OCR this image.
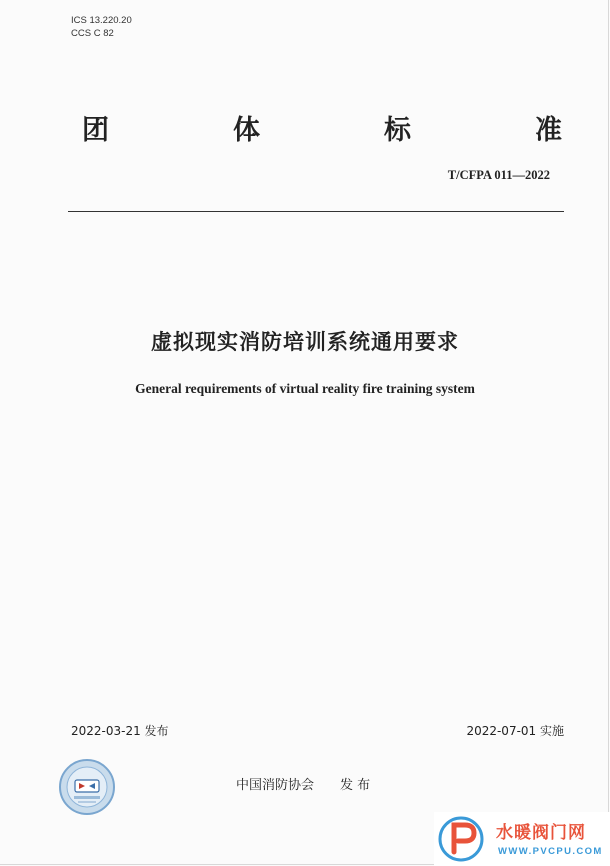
ICS 13.220.20
CCS C 82
团	体	标	准
T/CFPA 011—2022
虚拟现实消防培训系统通用要求
General requirements of virtual reality fire training system
2022-03-21 发布	2022-07-01 实施
中国消防协会 发 布
水暖阀门网
WWW.PVCPU.COM
